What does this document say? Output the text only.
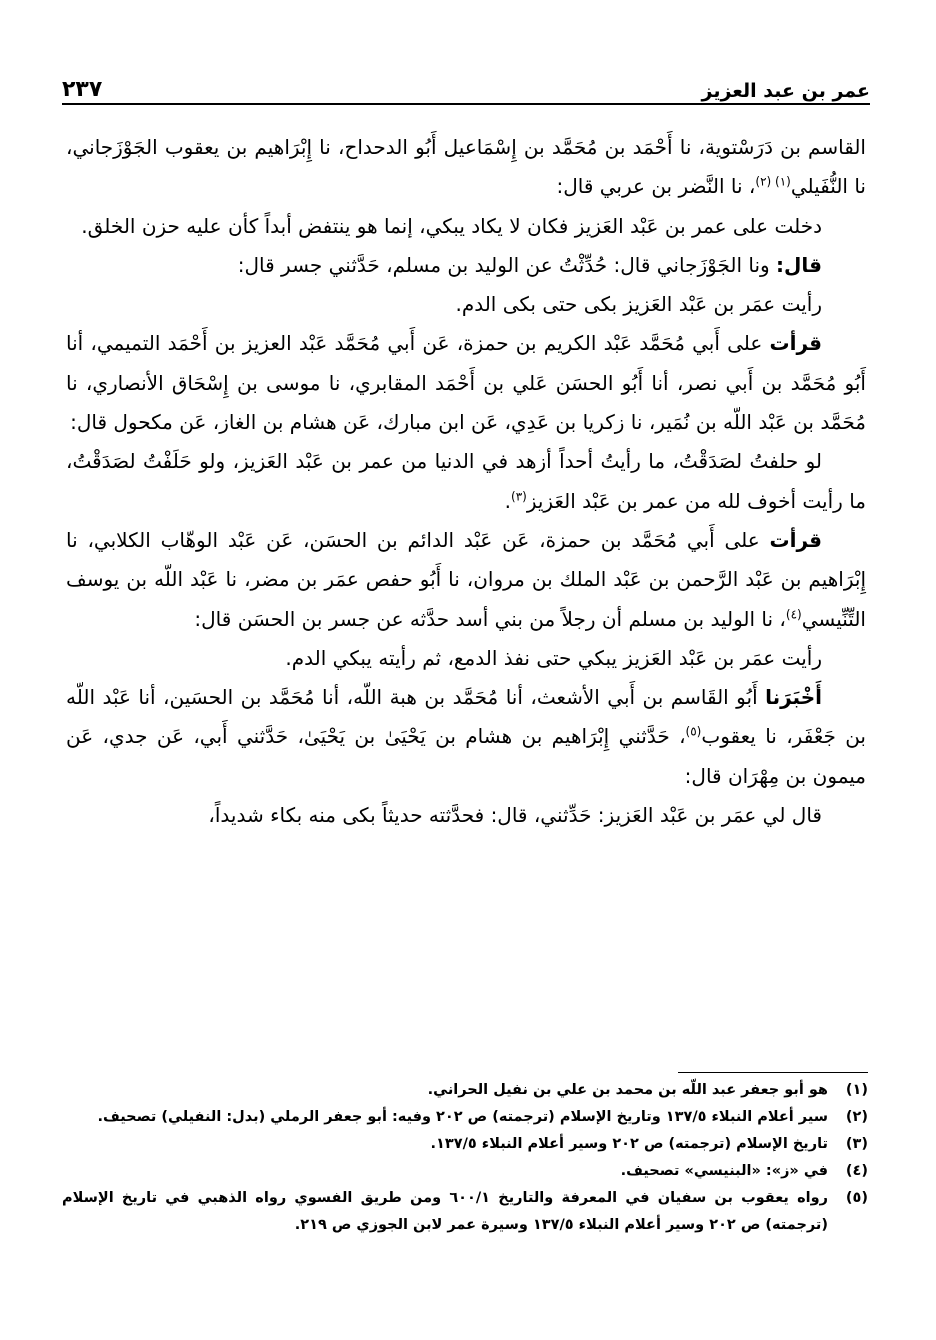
عمر بن عبد العزيز
٢٣٧

القاسم بن دَرَسْتوية، نا أَحْمَد بن مُحَمَّد بن إِسْمَاعيل أَبُو الدحداح، نا إِبْرَاهيم بن يعقوب الجَوْزَجاني، نا النُّفَيلي$^{(١) (٢)}$، نا النَّضر بن عربي قال:

دخلت على عمر بن عَبْد العَزيز فكان لا يكاد يبكي، إنما هو ينتفض أبداً كأن عليه حزن الخلق.

قال: ونا الجَوْزَجاني قال: حُدِّثْتُ عن الوليد بن مسلم، حَدَّثني جسر قال:

رأيت عمَر بن عَبْد العَزيز بكى حتى بكى الدم.

قرأت على أَبي مُحَمَّد عَبْد الكريم بن حمزة، عَن أَبي مُحَمَّد عَبْد العزيز بن أَحْمَد التميمي، أنا أَبُو مُحَمَّد بن أَبي نصر، أنا أَبُو الحسَن عَلي بن أَحْمَد المقابري، نا موسى بن إِسْحَاق الأنصاري، نا مُحَمَّد بن عَبْد اللّه بن نُمَير، نا زكريا بن عَدِي، عَن ابن مبارك، عَن هشام بن الغاز، عَن مكحول قال:

لو حلفتُ لصَدَقْتُ، ما رأيتُ أحداً أزهد في الدنيا من عمر بن عَبْد العَزيز، ولو حَلَفْتُ لصَدَقْتُ، ما رأيت أخوف لله من عمر بن عَبْد العَزيز$^{(٣)}$.

قرأت على أَبي مُحَمَّد بن حمزة، عَن عَبْد الدائم بن الحسَن، عَن عَبْد الوهّاب الكلابي، نا إِبْرَاهيم بن عَبْد الرَّحمن بن عَبْد الملك بن مروان، نا أَبُو حفص عمَر بن مضر، نا عَبْد اللّه بن يوسف التِّنِّيسي$^{(٤)}$، نا الوليد بن مسلم أن رجلاً من بني أسد حدَّثه عن جسر بن الحسَن قال:

رأيت عمَر بن عَبْد العَزيز يبكي حتى نفذ الدمع، ثم رأيته يبكي الدم.

أَخْبَرَنا أَبُو القَاسم بن أَبي الأشعث، أنا مُحَمَّد بن هبة اللّه، أنا مُحَمَّد بن الحسَين، أنا عَبْد اللّه بن جَعْفَر، نا يعقوب$^{(٥)}$، حَدَّثني إِبْرَاهيم بن هشام بن يَحْيَىٰ بن يَحْيَىٰ، حَدَّثني أَبي، عَن جدي، عَن ميمون بن مِهْرَان قال:

قال لي عمَر بن عَبْد العَزيز: حَدِّثني، قال: فحدَّثته حديثاً بكى منه بكاء شديداً،

(١)
هو أبو جعفر عبد اللّه بن محمد بن علي بن نفيل الحراني.
(٢)
سير أعلام النبلاء ١٣٧/٥ وتاريخ الإسلام (ترجمته) ص ٢٠٢ وفيه: أبو جعفر الرملي (بدل: النفيلي) تصحيف.
(٣)
تاريخ الإسلام (ترجمته) ص ٢٠٢ وسير أعلام النبلاء ١٣٧/٥.
(٤)
في «ز»: «البنيسي» تصحيف.
(٥)
رواه يعقوب بن سفيان في المعرفة والتاريخ ٦٠٠/١ ومن طريق الفسوي رواه الذهبي في تاريخ الإسلام (ترجمته) ص ٢٠٢ وسير أعلام النبلاء ١٣٧/٥ وسيرة عمر لابن الجوزي ص ٢١٩.
